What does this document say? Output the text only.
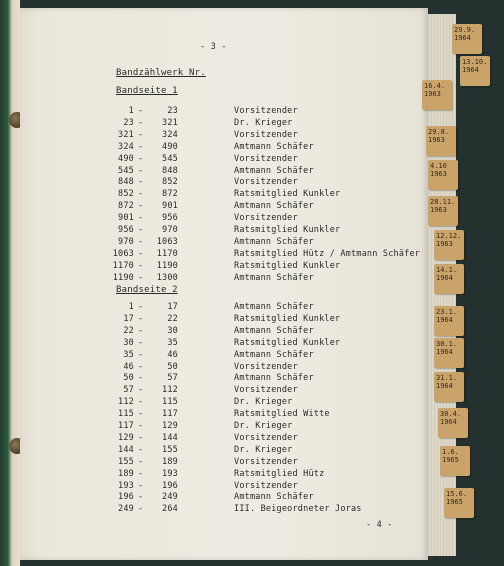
- 3 -
Bandzählwerk Nr.
Bandseite 1
1 -	23	Vorsitzender
23 -	321	Dr. Krieger
321 -	324	Vorsitzender
324 -	490	Amtmann Schäfer
490 -	545	Vorsitzender
545 -	848	Amtmann Schäfer
848 -	852	Vorsitzender
852 -	872	Ratsmitglied Kunkler
872 -	901	Amtmann Schäfer
901 -	956	Vorsitzender
956 -	970	Ratsmitglied Kunkler
970 -	1063	Amtmann Schäfer
1063 -	1170	Ratsmitglied Hütz / Amtmann Schäfer
1170 -	1190	Ratsmitglied Kunkler
1190 -	1300	Amtmann Schäfer
Bandseite 2
1 -	17	Amtmann Schäfer
17 -	22	Ratsmitglied Kunkler
22 -	30	Amtmann Schäfer
30 -	35	Ratsmitglied Kunkler
35 -	46	Amtmann Schäfer
46 -	50	Vorsitzender
50 -	57	Amtmann Schäfer
57 -	112	Vorsitzender
112 -	115	Dr. Krieger
115 -	117	Ratsmitglied Witte
117 -	129	Dr. Krieger
129 -	144	Vorsitzender
144 -	155	Dr. Krieger
155 -	189	Vorsitzender
189 -	193	Ratsmitglied Hütz
193 -	196	Vorsitzender
196 -	249	Amtmann Schäfer
249 -	264	III. Beigeordneter Joras
- 4 -
29.9. 1964
13.10. 1964
16.4. 1963
29.8. 1963
4.10 1963
28.11. 1963
12.12. 1963
14.1. 1964
23.1. 1964
30.1. 1964
31.1. 1964
30.4. 1964
1.6. 1965
15.6. 1965
